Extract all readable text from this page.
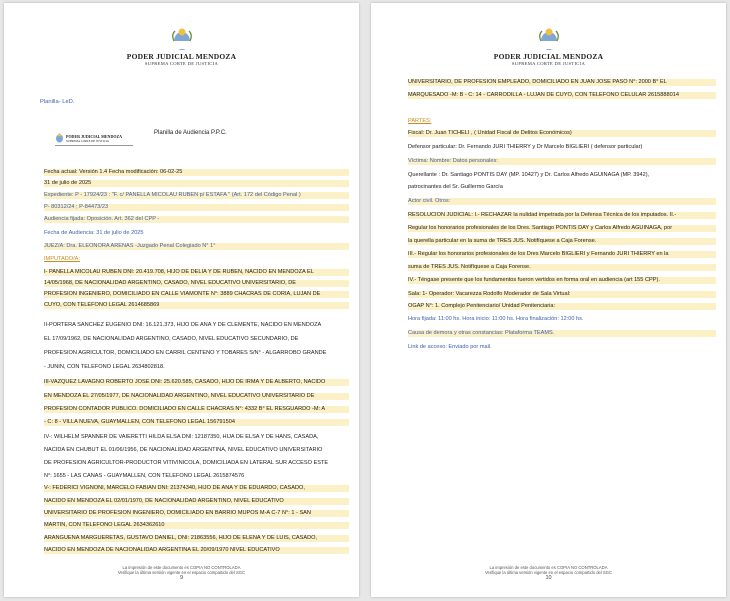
PODER JUDICIAL MENDOZA
SUPREMA CORTE DE JUSTICIA
Planilla- LeD.
PODER JUDICIAL MENDOZA
SUPREMA CORTE DE JUSTICIA
Planilla de Audiencia P.P.C.
Fecha actual: Versión 1.4 Fecha modificación: 06-02-25
31 de julio de 2025
Expediente: P - 17924/23 : "F. c/ PANELLA MICOLAU RUBEN p/ ESTAFA " (Art. 172 del Código Penal )
P- 80312/24 ; P-84473/23
Audiencia fijada: Oposición. Art. 362 del CPP -
Fecha de Audiencia: 31 de julio de 2025
JUEZ/A: Dra. ELEONORA ARENAS -Juzgado Penal Colegiado N° 1°
IMPUTADO/A:
I- PANELLA MICOLAU RUBEN DNI: 20.419.708, HIJO DE DELIA Y DE RUBEN, NACIDO EN MENDOZA EL
14/05/1968, DE NACIONALIDAD ARGENTINO, CASADO, NIVEL EDUCATIVO UNIVERSITARIO, DE
PROFESIÓN INGENIERO, DOMICILIADO EN CALLE VIAMONTE N°: 3889 CHACRAS DE CORIA, LUJÁN DE
CUYO, CON TELÉFONO LEGAL 2614685869
II-PORTERA SANCHEZ EUGENIO DNI: 16.121.373, HIJO DE ANA Y DE CLEMENTE, NACIDO EN MENDOZA
EL 17/09/1962, DE NACIONALIDAD ARGENTINO, CASADO, NIVEL EDUCATIVO SECUNDARIO, DE
PROFESIÓN AGRICULTOR, DOMICILIADO EN CARRIL CENTENO Y TOBARES S/N° - ALGARROBO GRANDE
- JUNIN, CON TELÉFONO LEGAL 2634802818.
III-VAZQUEZ LAVAGNO ROBERTO JOSE DNI: 25.620.585, CASADO, HIJO DE IRMA Y DE ALBERTO, NACIDO
EN MENDOZA EL 27/05/1977, DE NACIONALIDAD ARGENTINO, NIVEL EDUCATIVO UNIVERSITARIO DE
PROFESIÓN CONTADOR PÚBLICO. DOMICILIADO EN CALLE CHACRAS N°: 4332 B° EL RESGUARDO -M: A
- C: 8 - VILLA NUEVA, GUAYMALLÉN, CON TELÉFONO LEGAL 156791504
IV-: WILHELM SPANNER DE VAIERETTI HILDA ELSA DNI: 12187350, HIJA DE ELSA Y DE HANS, CASADA,
NACIDA EN CHUBUT EL 01/06/1956, DE NACIONALIDAD ARGENTINA, NIVEL EDUCATIVO UNIVERSITARIO
DE PROFESIÓN AGRICULTOR-PRODUCTOR VITIVINÍCOLA, DOMICILIADA EN LATERAL SUR ACCESO ESTE
N°: 1655 - LAS CAÑAS - GUAYMALLEN, CON TELÉFONO LEGAL 2615874576
V-: FEDERICI VIGNONI, MARCELO FABIAN DNI: 21374340, HIJO DE ANA Y DE EDUARDO, CASADO,
NACIDO EN MENDOZA EL 02/01/1970, DE NACIONALIDAD ARGENTINO, NIVEL EDUCATIVO
UNIVERSITARIO DE PROFESIÓN INGENIERO, DOMICILIADO EN BARRIO MUPOS M-A C-7 N°: 1 - SAN
MARTÍN, CON TELÉFONO LEGAL 2634362610
ARANGUENA MARGUERETAS, GUSTAVO DANIEL, DNI: 21863556, HIJO DE ELENA Y DE LUIS, CASADO,
NACIDO EN MENDOZA DE NACIONALIDAD ARGENTINA EL 20/09/1970 NIVEL EDUCATIVO
La impresión de este documento es COPIA NO CONTROLADA
Verifique la última versión vigente en el espacio compartido del SGC
9
PODER JUDICIAL MENDOZA
SUPREMA CORTE DE JUSTICIA
UNIVERSITARIO, DE PROFESIÓN EMPLEADO, DOMICILIADO EN JUAN JOSÉ PASO N°: 2000 B° EL
MARQUESADO -M: B - C: 14 - CARRODILLA - LUJÁN DE CUYO, CON TELÉFONO CELULAR 2615888014
PARTES:
Fiscal: Dr. Juan TICHELI , ( Unidad Fiscal de Delitos Económicos)
Defensor particular: Dr. Fernando JURI THIERRY y Dr Marcelo BIGLIERI ( defensor particular)
Víctima: Nombre: Datos personales:
Querellante : Dr. Santiago PONTIS DAY (MP. 10427) y Dr. Carlos Alfredo AGUINAGA (MP. 3942),
patrocinantes del Sr. Guillermo García
Actor civil. Otros:
RESOLUCIÓN JUDICIAL: I.- RECHAZAR la nulidad impetrada por la Defensa Técnica de los imputados. II.-
Regular los honorarios profesionales de los Dres. Santiago PONTIS DAY y Carlos Alfredo AGUINAGA, por
la querella particular en la suma de TRES JUS. Notifíquese a Caja Forense.
III.- Regular los honorarios profesionales de los Dres Marcelo BIGLIERI y Fernando JURI THIERRY en la
suma de TRES JUS. Notifíquese a Caja Forense.
IV.- Téngase presente que los fundamentos fueron vertidos en forma oral en audiencia (art 155 CPP).
Sala: 1- Operador: Vacarezza Rodolfo Moderador de Sala Virtual:
OGAP N°: 1. Complejo Penitenciario/ Unidad Penitenciaria:
Hora fijada: 11:00 hs. Hora inicio: 11:00 hs. Hora finalización: 12:00 hs.
Causa de demora y otras constancias: Plataforma TEAMS.
Link de acceso: Enviado por mail.
La impresión de este documento es COPIA NO CONTROLADA
Verifique la última versión vigente en el espacio compartido del SGC
10
